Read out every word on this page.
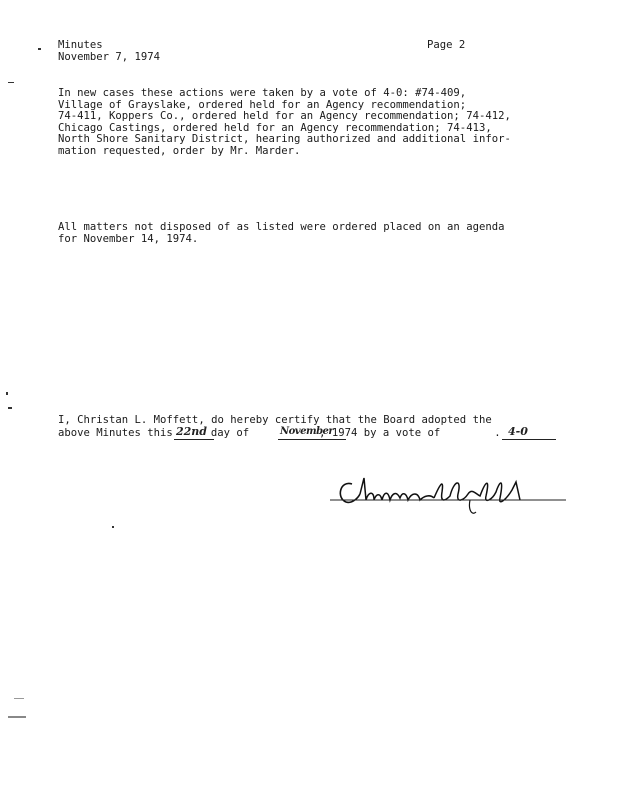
Minutes
November 7, 1974

Page 2

In new cases these actions were taken by a vote of 4-0: #74-409,
Village of Grayslake, ordered held for an Agency recommendation;
74-411, Koppers Co., ordered held for an Agency recommendation; 74-412,
Chicago Castings, ordered held for an Agency recommendation; 74-413,
North Shore Sanitary District, hearing authorized and additional infor-
mation requested, order by Mr. Marder.

All matters not disposed of as listed were ordered placed on an agenda
for November 14, 1974.

I, Christan L. Moffett, do hereby certify that the Board adopted the

above Minutes this	day of	, 1974 by a vote of	.

22nd	November	4-0
